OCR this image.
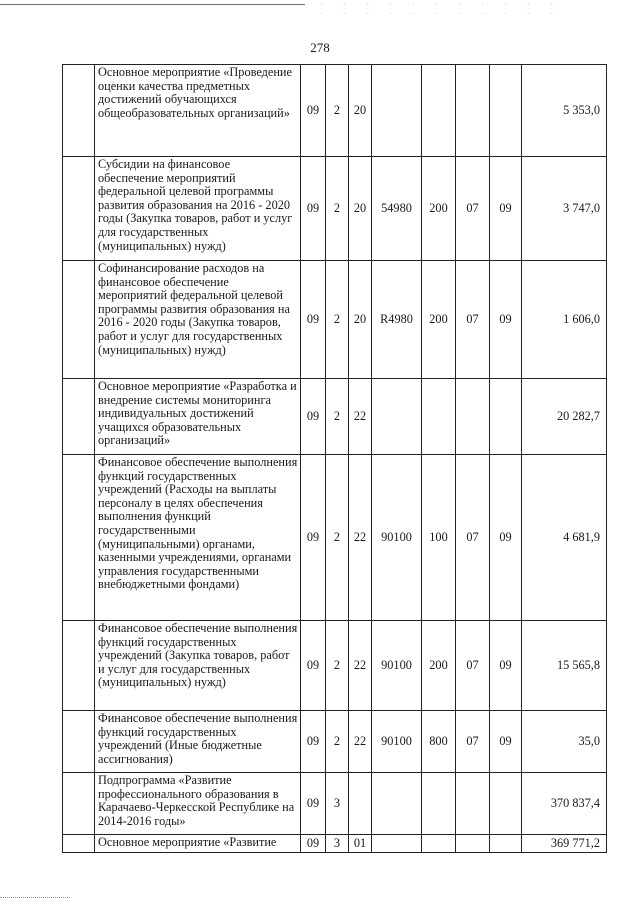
278
	Основное мероприятие «Проведение оценки качества предметных достижений обучающихся общеобразовательных организаций»	09	2	20					5 353,0
	Субсидии на финансовое обеспечение мероприятий федеральной целевой программы развития образования на 2016 - 2020 годы (Закупка товаров, работ и услуг для государственных (муниципальных) нужд)	09	2	20	54980	200	07	09	3 747,0
	Софинансирование расходов на финансовое обеспечение мероприятий федеральной целевой программы развития образования на 2016 - 2020 годы (Закупка товаров, работ и услуг для государственных (муниципальных) нужд)	09	2	20	R4980	200	07	09	1 606,0
	Основное мероприятие «Разработка и внедрение системы мониторинга индивидуальных достижений учащихся образовательных организаций»	09	2	22					20 282,7
	Финансовое обеспечение выполнения функций государственных учреждений (Расходы на выплаты персоналу в целях обеспечения выполнения функций государственными (муниципальными) органами, казенными учреждениями, органами управления государственными внебюджетными фондами)	09	2	22	90100	100	07	09	4 681,9
	Финансовое обеспечение выполнения функций государственных учреждений (Закупка товаров, работ и услуг для государственных (муниципальных) нужд)	09	2	22	90100	200	07	09	15 565,8
	Финансовое обеспечение выполнения функций государственных учреждений (Иные бюджетные ассигнования)	09	2	22	90100	800	07	09	35,0
	Подпрограмма «Развитие профессионального образования в Карачаево-Черкесской Республике на 2014-2016 годы»	09	3						370 837,4
	Основное мероприятие «Развитие	09	3	01					369 771,2
